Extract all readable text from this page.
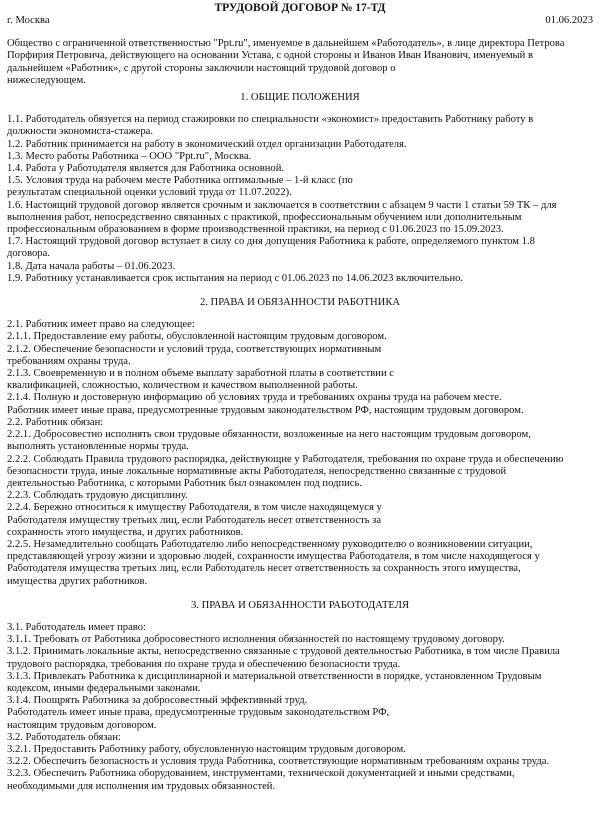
ТРУДОВОЙ ДОГОВОР № 17-ТД

г. Москва	01.06.2023

Общество с ограниченной ответственностью "Ppt.ru", именуемое в дальнейшем «Работодатель», в лице директора Петрова

Порфирия Петровича, действующего на основании Устава, с одной стороны и Иванов Иван Иванович, именуемый в

дальнейшем «Работник», с другой стороны заключили настоящий трудовой договор о

нижеследующем.

1. ОБЩИЕ ПОЛОЖЕНИЯ

1.1. Работодатель обязуется на период стажировки по специальности «экономист» предоставить Работнику работу в

должности экономиста-стажера.

1.2. Работник принимается на работу в экономический отдел организации Работодателя.

1.3. Место работы Работника – ООО "Ppt.ru", Москва.

1.4. Работа у Работодателя является для Работника основной.

1.5. Условия труда на рабочем месте Работника оптимальные – 1-й класс (по

результатам специальной оценки условий труда от 11.07.2022).

1.6. Настоящий трудовой договор является срочным и заключается в соответствии с абзацем 9 части 1 статьи 59 ТК – для

выполнения работ, непосредственно связанных с практикой, профессиональным обучением или дополнительным

профессиональным образованием в форме производственной практики, на период с 01.06.2023 по 15.09.2023.

1.7. Настоящий трудовой договор вступает в силу со дня допущения Работника к работе, определяемого пунктом 1.8

договора.

1.8. Дата начала работы – 01.06.2023.

1.9. Работнику устанавливается срок испытания на период с 01.06.2023 по 14.06.2023 включительно.

2. ПРАВА И ОБЯЗАННОСТИ РАБОТНИКА

2.1. Работник имеет право на следующее:

2.1.1. Предоставление ему работы, обусловленной настоящим трудовым договором.

2.1.2. Обеспечение безопасности и условий труда, соответствующих нормативным

требованиям охраны труда.

2.1.3. Своевременную и в полном объеме выплату заработной платы в соответствии с

квалификацией, сложностью, количеством и качеством выполненной работы.

2.1.4. Полную и достоверную информацию об условиях труда и требованиях охраны труда на рабочем месте.

Работник имеет иные права, предусмотренные трудовым законодательством РФ, настоящим трудовым договором.

2.2. Работник обязан:

2.2.1. Добросовестно исполнять свои трудовые обязанности, возложенные на него настоящим трудовым договором,

выполнять установленные нормы труда.

2.2.2. Соблюдать Правила трудового распорядка, действующие у Работодателя, требования по охране труда и обеспечению

безопасности труда, иные локальные нормативные акты Работодателя, непосредственно связанные с трудовой

деятельностью Работника, с которыми Работник был ознакомлен под подпись.

2.2.3. Соблюдать трудовую дисциплину.

2.2.4. Бережно относиться к имуществу Работодателя, в том числе находящемуся у

Работодателя имуществу третьих лиц, если Работодатель несет ответственность за

сохранность этого имущества, и других работников.

2.2.5. Незамедлительно сообщать Работодателю либо непосредственному руководителю о возникновении ситуации,

представляющей угрозу жизни и здоровью людей, сохранности имущества Работодателя, в том числе находящегося у

Работодателя имущества третьих лиц, если Работодатель несет ответственность за сохранность этого имущества,

имущества других работников.

3. ПРАВА И ОБЯЗАННОСТИ РАБОТОДАТЕЛЯ

3.1. Работодатель имеет право:

3.1.1. Требовать от Работника добросовестного исполнения обязанностей по настоящему трудовому договору.

3.1.2. Принимать локальные акты, непосредственно связанные с трудовой деятельностью Работника, в том числе Правила

трудового распорядка, требования по охране труда и обеспечению безопасности труда.

3.1.3. Привлекать Работника к дисциплинарной и материальной ответственности в порядке, установленном Трудовым

кодексом, иными федеральными законами.

3.1.4. Поощрять Работника за добросовестный эффективный труд.

Работодатель имеет иные права, предусмотренные трудовым законодательством РФ,

настоящим трудовым договором.

3.2. Работодатель обязан:

3.2.1. Предоставить Работнику работу, обусловленную настоящим трудовым договором.

3.2.2. Обеспечить безопасность и условия труда Работника, соответствующие нормативным требованиям охраны труда.

3.2.3. Обеспечить Работника оборудованием, инструментами, технической документацией и иными средствами,

необходимыми для исполнения им трудовых обязанностей.
